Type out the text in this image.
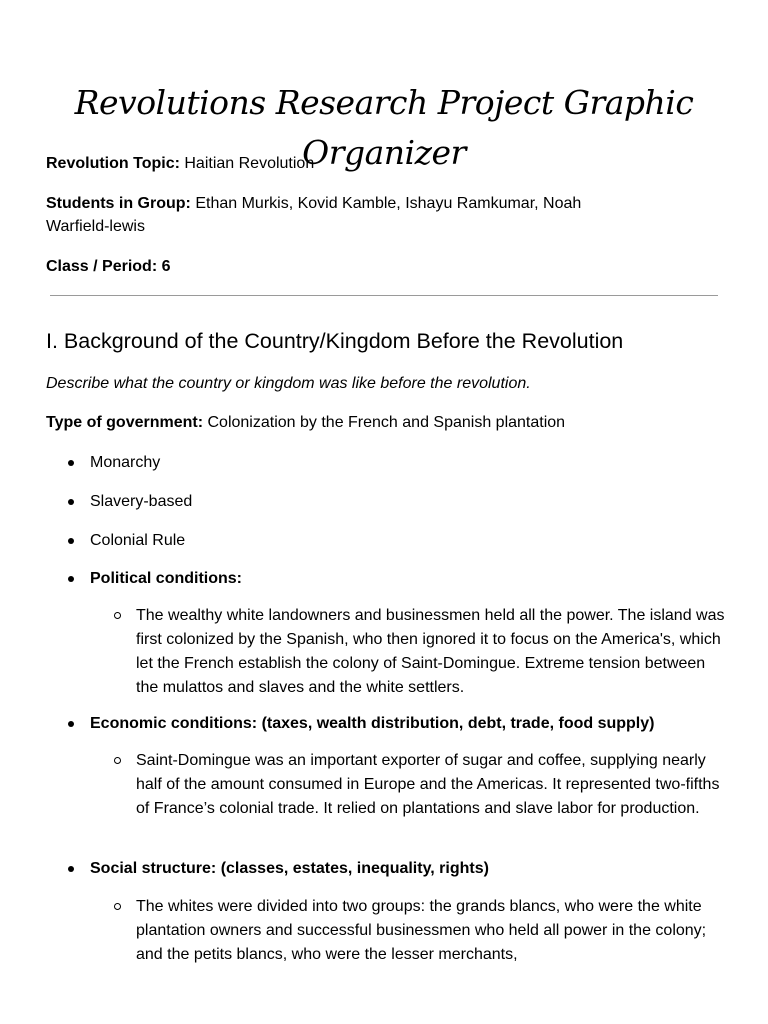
Revolutions Research Project Graphic Organizer
Revolution Topic: Haitian Revolution
Students in Group: Ethan Murkis, Kovid Kamble, Ishayu Ramkumar, Noah Warfield-lewis
Class / Period: 6
I. Background of the Country/Kingdom Before the Revolution
Describe what the country or kingdom was like before the revolution.
Type of government: Colonization by the French and Spanish plantation
Monarchy
Slavery-based
Colonial Rule
Political conditions:
The wealthy white landowners and businessmen held all the power. The island was first colonized by the Spanish, who then ignored it to focus on the America's, which let the French establish the colony of Saint-Domingue. Extreme tension between the mulattos and slaves and the white settlers.
Economic conditions: (taxes, wealth distribution, debt, trade, food supply)
Saint-Domingue was an important exporter of sugar and coffee, supplying nearly half of the amount consumed in Europe and the Americas. It represented two-fifths of France’s colonial trade. It relied on plantations and slave labor for production.
Social structure: (classes, estates, inequality, rights)
The whites were divided into two groups: the grands blancs, who were the white plantation owners and successful businessmen who held all power in the colony; and the petits blancs, who were the lesser merchants,
